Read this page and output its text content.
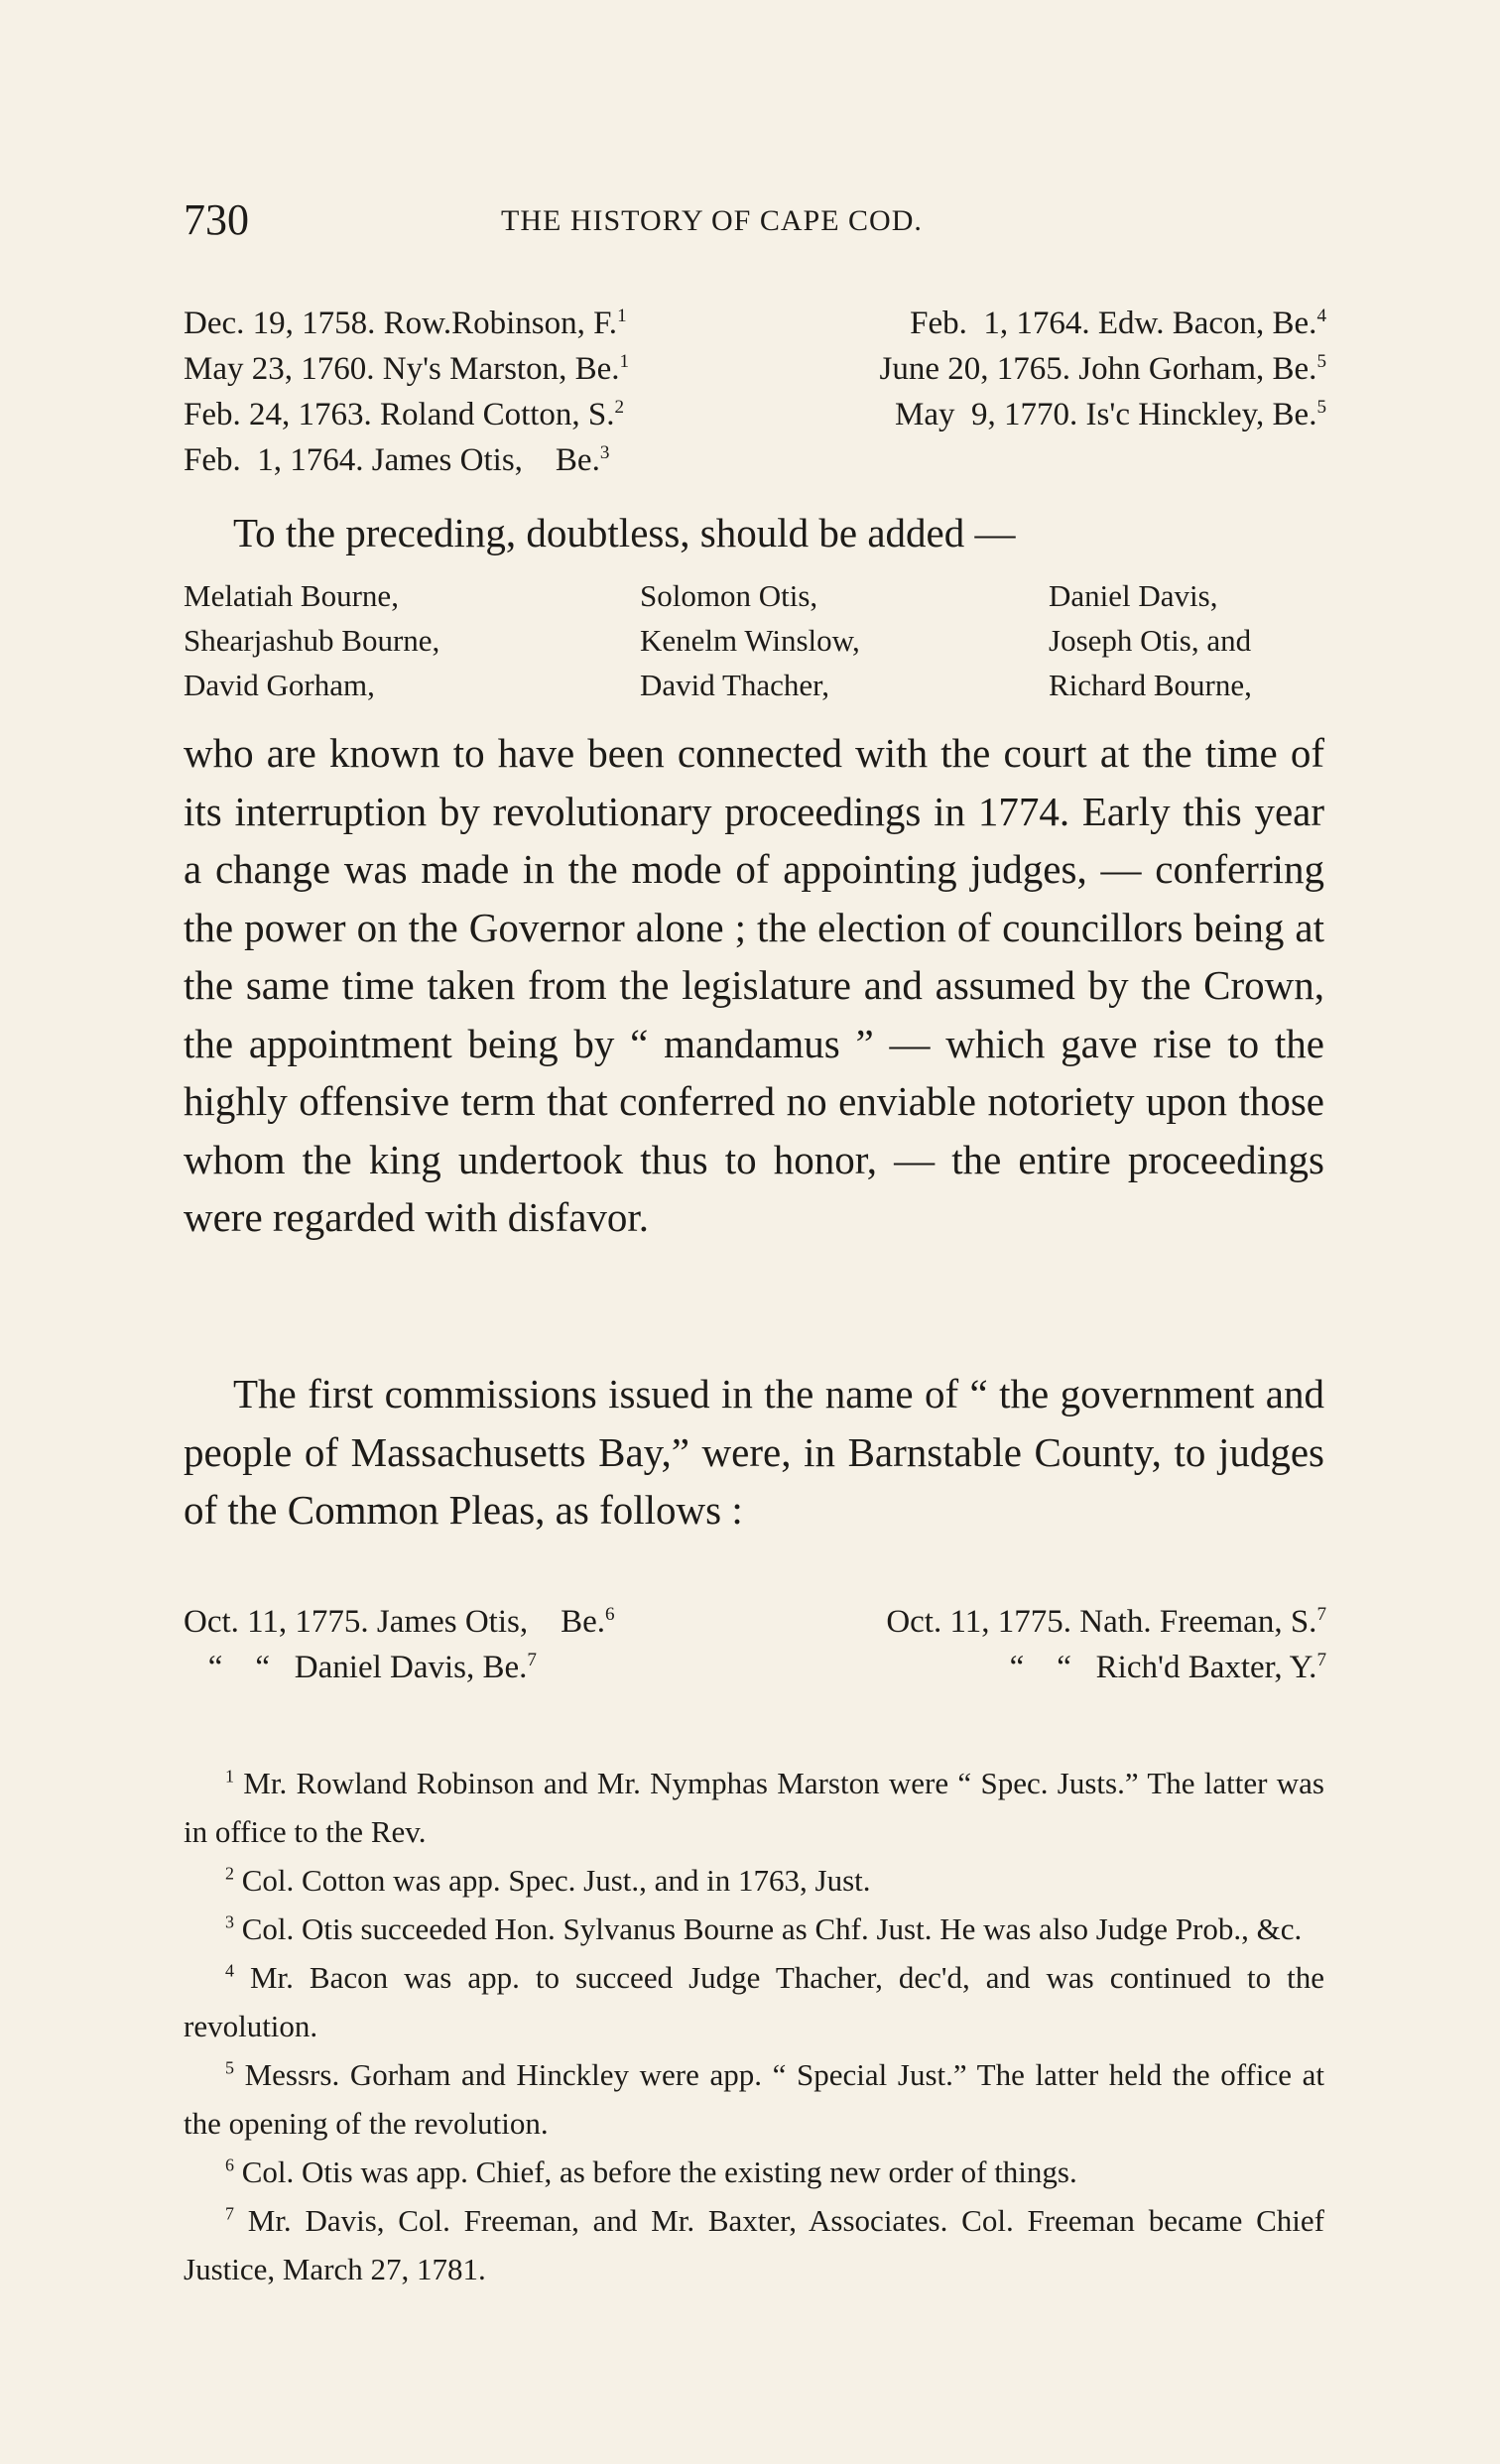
730	THE HISTORY OF CAPE COD.
Dec. 19, 1758. Row.Robinson, F.$^1$	Feb.  1, 1764. Edw. Bacon, Be.$^4$
May 23, 1760. Ny's Marston, Be.$^1$	June 20, 1765. John Gorham, Be.$^5$
Feb. 24, 1763. Roland Cotton, S.$^2$	May  9, 1770. Is'c Hinckley, Be.$^5$
Feb.  1, 1764. James Otis,    Be.$^3$
To the preceding, doubtless, should be added —
Melatiah Bourne,	Solomon Otis,	Daniel Davis,
Shearjashub Bourne,	Kenelm Winslow,	Joseph Otis, and
David Gorham,	David Thacher,	Richard Bourne,
who are known to have been connected with the court at the time of its interruption by revolutionary proceedings in 1774. Early this year a change was made in the mode of appointing judges, — conferring the power on the Governor alone ; the election of councillors being at the same time taken from the legislature and assumed by the Crown, the appointment being by “ mandamus ” — which gave rise to the highly offensive term that conferred no enviable notoriety upon those whom the king undertook thus to honor, — the entire proceedings were regarded with disfavor.
The first commissions issued in the name of “ the government and people of Massachusetts Bay,” were, in Barnstable County, to judges of the Common Pleas, as follows :
Oct. 11, 1775. James Otis,    Be.$^6$	Oct. 11, 1775. Nath. Freeman, S.$^7$
“    “   Daniel Davis, Be.$^7$	“    “   Rich'd Baxter, Y.$^7$
$^1$ Mr. Rowland Robinson and Mr. Nymphas Marston were “ Spec. Justs.” The latter was in office to the Rev.
$^2$ Col. Cotton was app. Spec. Just., and in 1763, Just.
$^3$ Col. Otis succeeded Hon. Sylvanus Bourne as Chf. Just. He was also Judge Prob., &c.
$^4$ Mr. Bacon was app. to succeed Judge Thacher, dec'd, and was continued to the revolution.
$^5$ Messrs. Gorham and Hinckley were app. “ Special Just.” The latter held the office at the opening of the revolution.
$^6$ Col. Otis was app. Chief, as before the existing new order of things.
$^7$ Mr. Davis, Col. Freeman, and Mr. Baxter, Associates. Col. Freeman became Chief Justice, March 27, 1781.
